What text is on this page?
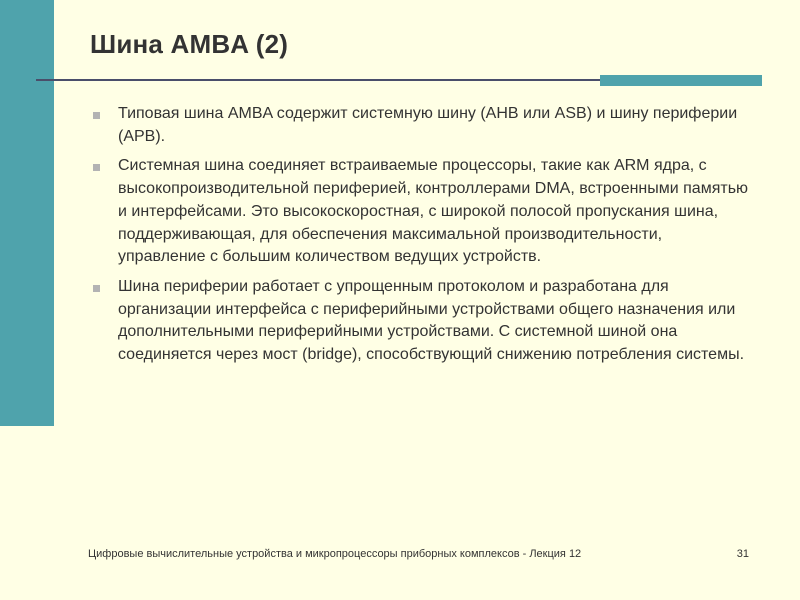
Шина AMBA (2)
Типовая шина AMBA содержит системную шину (AHB или ASB) и шину периферии (APB).
Системная шина соединяет встраиваемые процессоры, такие как ARM ядра, с высокопроизводительной периферией, контроллерами DMA, встроенными памятью и интерфейсами. Это высокоскоростная, с широкой полосой пропускания шина, поддерживающая, для обеспечения максимальной производительности, управление с большим количеством ведущих устройств.
Шина периферии работает с упрощенным протоколом и разработана для организации интерфейса с периферийными устройствами общего назначения или дополнительными периферийными устройствами. С системной шиной она соединяется через мост (bridge), способствующий снижению потребления системы.
Цифровые вычислительные устройства и микропроцессоры приборных комплексов - Лекция 12	31
